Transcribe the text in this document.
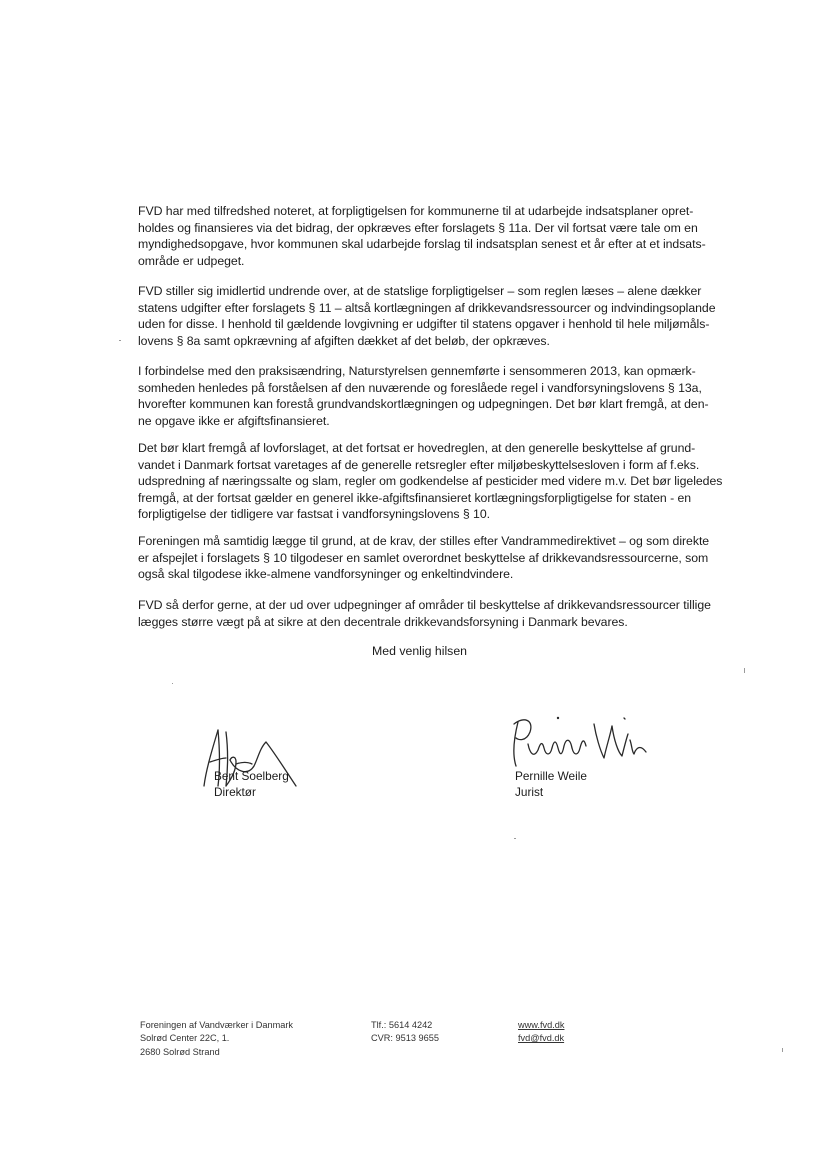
FVD har med tilfredshed noteret, at forpligtigelsen for kommunerne til at udarbejde indsatsplaner opret-
holdes og finansieres via det bidrag, der opkræves efter forslagets § 11a. Der vil fortsat være tale om en
myndighedsopgave, hvor kommunen skal udarbejde forslag til indsatsplan senest et år efter at et indsats-
område er udpeget.

FVD stiller sig imidlertid undrende over, at de statslige forpligtigelser – som reglen læses – alene dækker
statens udgifter efter forslagets § 11 – altså kortlægningen af drikkevandsressourcer og indvindingsoplande
uden for disse. I henhold til gældende lovgivning er udgifter til statens opgaver i henhold til hele miljømåls-
lovens § 8a samt opkrævning af afgiften dækket af det beløb, der opkræves.

I forbindelse med den praksisændring, Naturstyrelsen gennemførte i sensommeren 2013, kan opmærk-
somheden henledes på forståelsen af den nuværende og foreslåede regel i vandforsyningslovens § 13a,
hvorefter kommunen kan forestå grundvandskortlægningen og udpegningen. Det bør klart fremgå, at den-
ne opgave ikke er afgiftsfinansieret.

Det bør klart fremgå af lovforslaget, at det fortsat er hovedreglen, at den generelle beskyttelse af grund-
vandet i Danmark fortsat varetages af de generelle retsregler efter miljøbeskyttelsesloven i form af f.eks.
udspredning af næringssalte og slam, regler om godkendelse af pesticider med videre m.v. Det bør ligeledes
fremgå, at der fortsat gælder en generel ikke-afgiftsfinansieret kortlægningsforpligtigelse for staten - en
forpligtigelse der tidligere var fastsat i vandforsyningslovens § 10.

Foreningen må samtidig lægge til grund, at de krav, der stilles efter Vandrammedirektivet – og som direkte
er afspejlet i forslagets § 10 tilgodeser en samlet overordnet beskyttelse af drikkevandsressourcerne, som
også skal tilgodese ikke-almene vandforsyninger og enkeltindvindere.

FVD så derfor gerne, at der ud over udpegninger af områder til beskyttelse af drikkevandsressourcer tillige
lægges større vægt på at sikre at den decentrale drikkevandsforsyning i Danmark bevares.

Med venlig hilsen
Bent Soelberg
Direktør
Pernille Weile
Jurist
Foreningen af Vandværker i Danmark
Solrød Center 22C, 1.
2680 Solrød Strand
Tlf.: 5614 4242
CVR: 9513 9655
www.fvd.dk
fvd@fvd.dk
